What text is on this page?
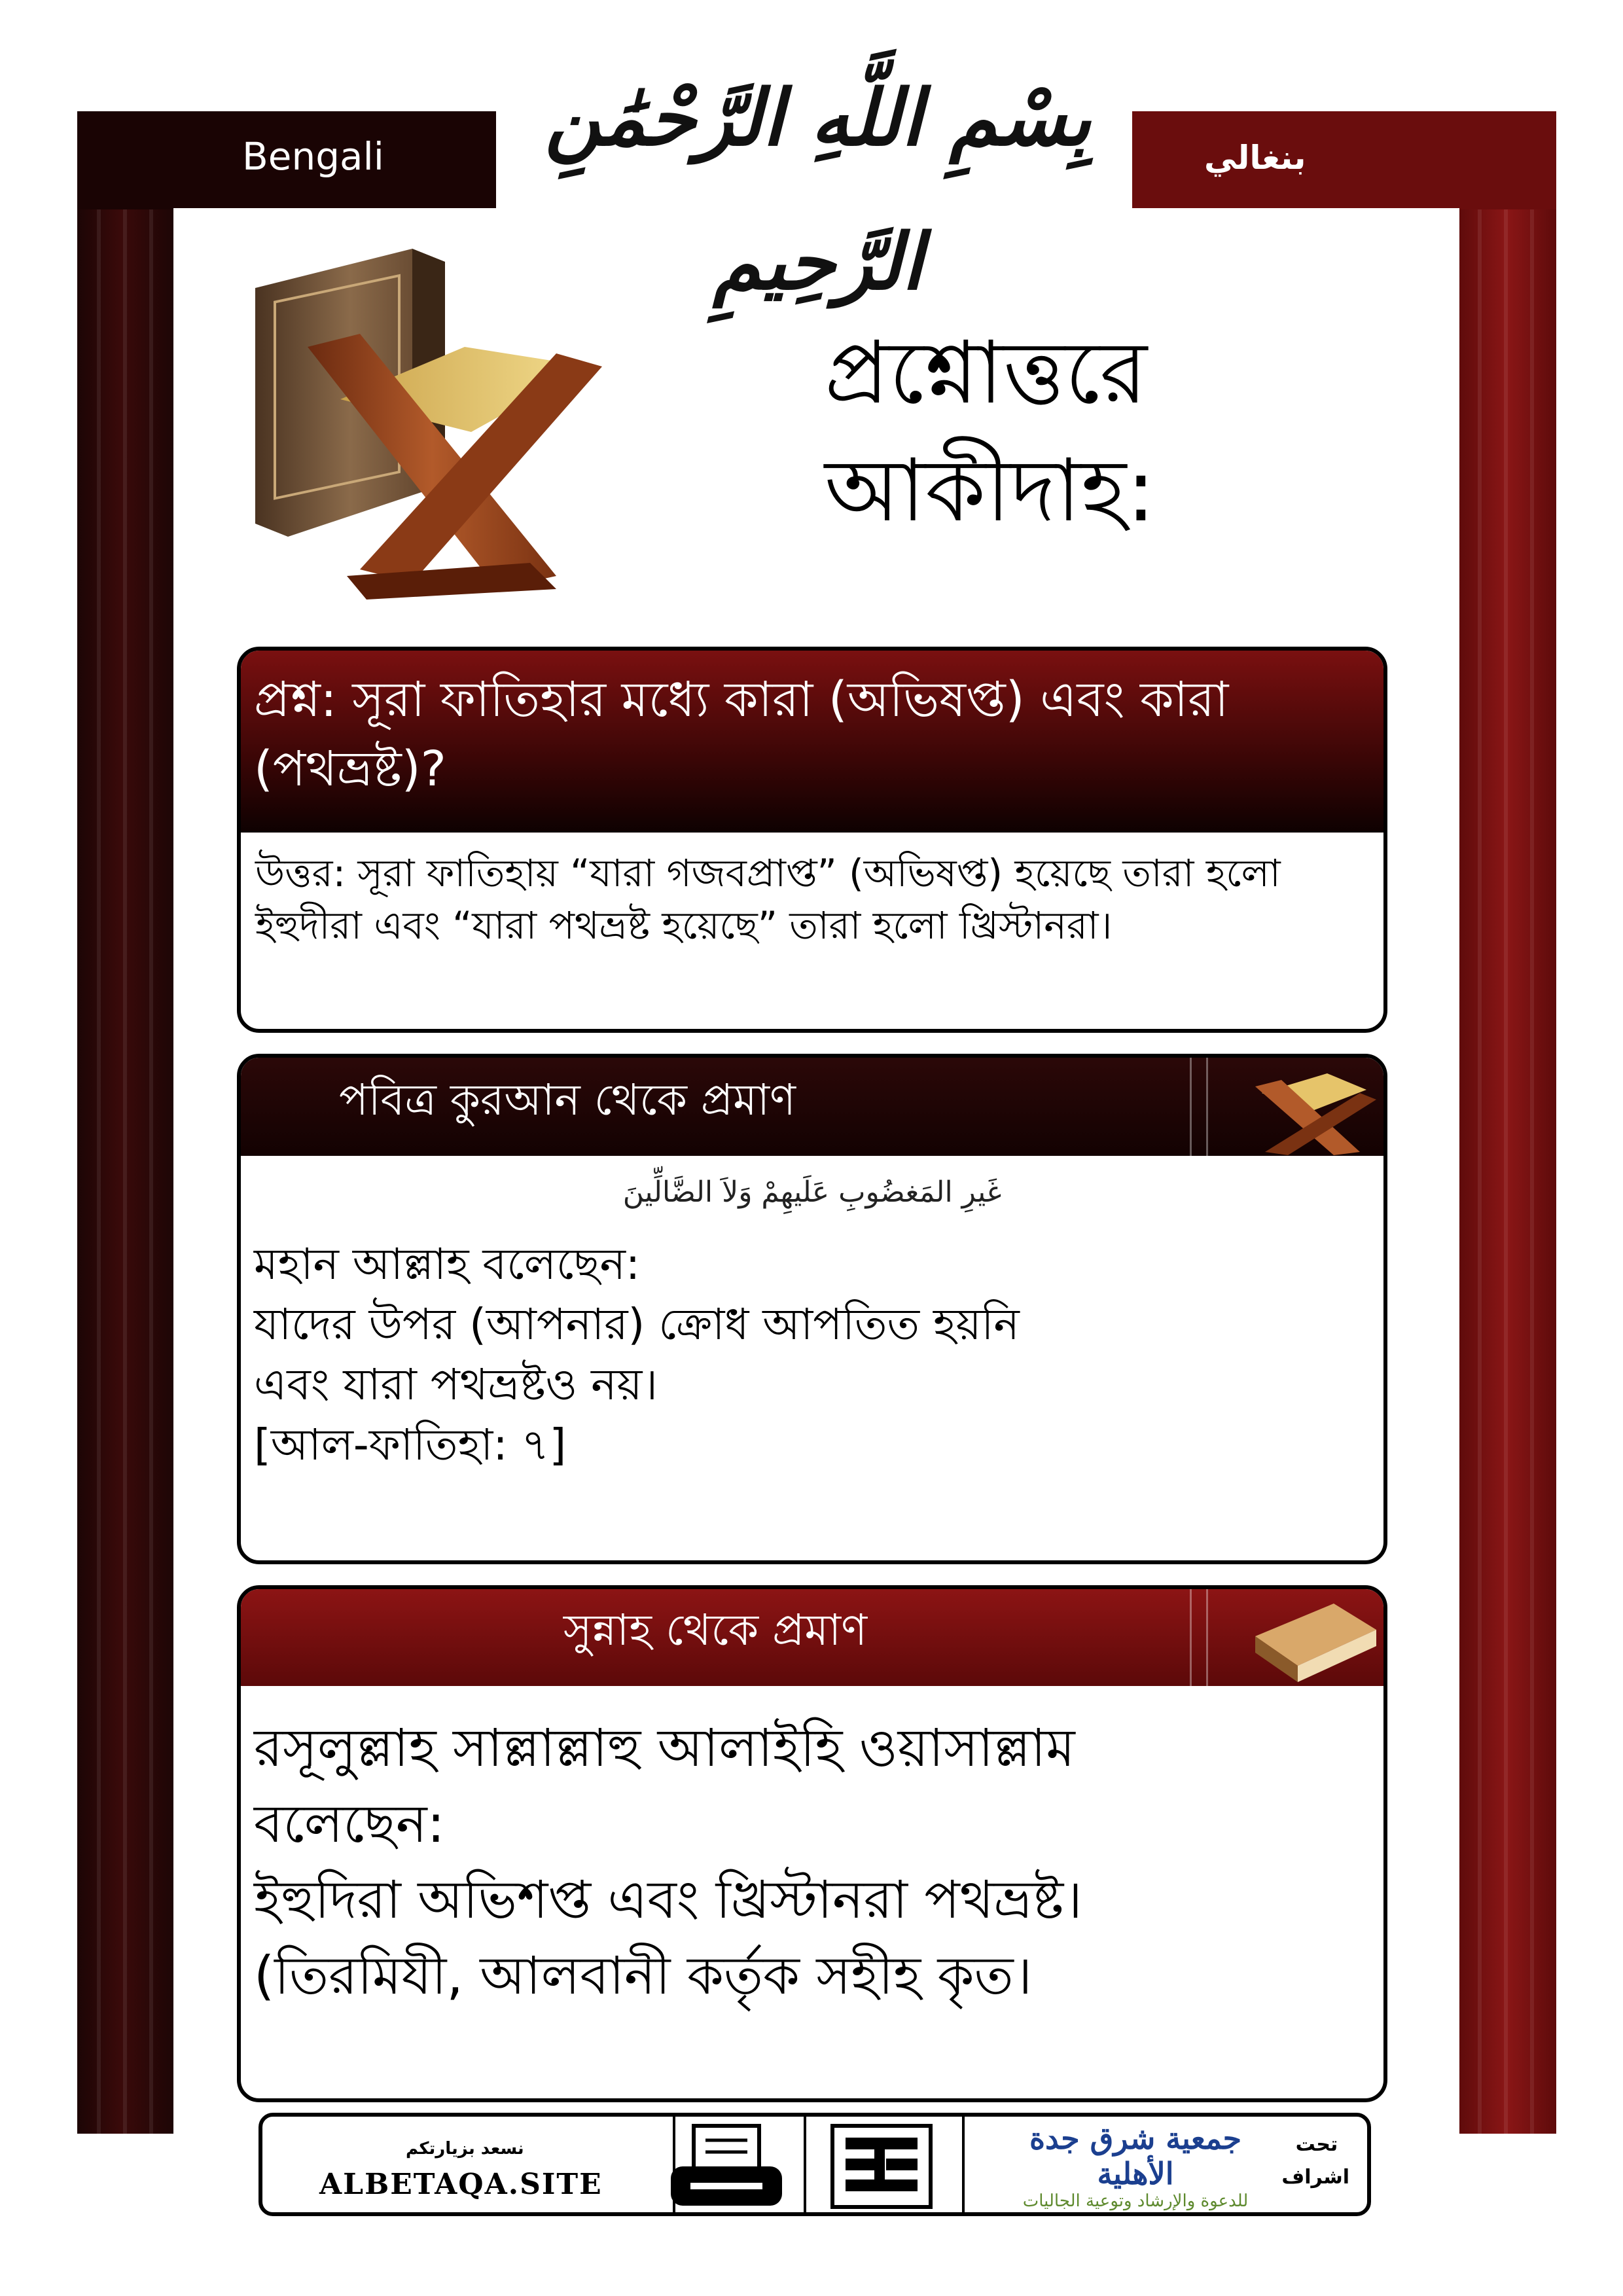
Bengali	بنغالي
بِسْمِ اللَّهِ الرَّحْمَٰنِ الرَّحِيمِ
প্রশ্নোত্তরে আকীদাহ:
প্রশ্ন: সূরা ফাতিহার মধ্যে কারা (অভিষপ্ত) এবং কারা (পথভ্রষ্ট)?
উত্তর: সূরা ফাতিহায় “যারা গজবপ্রাপ্ত” (অভিষপ্ত) হয়েছে তারা হলো ইহুদীরা এবং “যারা পথভ্রষ্ট হয়েছে” তারা হলো খ্রিস্টানরা।
পবিত্র কুরআন থেকে প্রমাণ
غَيرِ المَغضُوبِ عَلَيهِمْ وَلاَ الضَّالِّينَ
মহান আল্লাহ বলেছেন:
যাদের উপর (আপনার) ক্রোধ আপতিত হয়নি
এবং যারা পথভ্রষ্টও নয়।
[আল-ফাতিহা: ৭]
সুন্নাহ থেকে প্রমাণ
রসূলুল্লাহ সাল্লাল্লাহু আলাইহি ওয়াসাল্লাম
বলেছেন:
ইহুদিরা অভিশপ্ত এবং খ্রিস্টানরা পথভ্রষ্ট।
(তিরমিযী, আলবানী কর্তৃক সহীহ কৃত।
نسعد بزيارتكم
ALBETAQA.SITE
جمعية شرق جدة الأهلية
للدعوة والإرشاد وتوعية الجاليات
تحت
اشراف
